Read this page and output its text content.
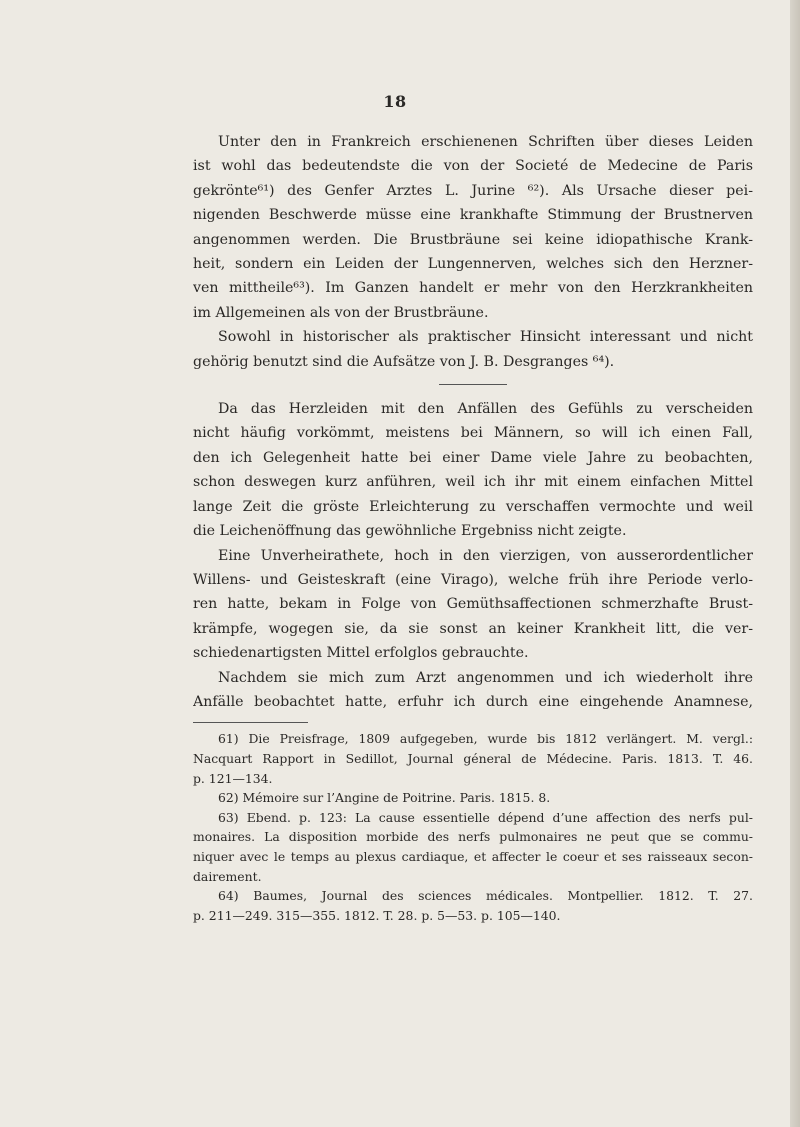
18
Unter den in Frankreich erschienenen Schriften über dieses Leiden
ist wohl das bedeutendste die von der Societé de Medecine de Paris
gekrönte⁶¹) des Genfer Arztes L. Jurine ⁶²). Als Ursache dieser pei-
nigenden Beschwerde müsse eine krankhafte Stimmung der Brustnerven
angenommen werden. Die Brustbräune sei keine idiopathische Krank-
heit, sondern ein Leiden der Lungennerven, welches sich den Herzner-
ven mittheile⁶³). Im Ganzen handelt er mehr von den Herzkrankheiten
im Allgemeinen als von der Brustbräune.
Sowohl in historischer als praktischer Hinsicht interessant und nicht
gehörig benutzt sind die Aufsätze von J. B. Desgranges ⁶⁴).
Da das Herzleiden mit den Anfällen des Gefühls zu verscheiden
nicht häufig vorkömmt, meistens bei Männern, so will ich einen Fall,
den ich Gelegenheit hatte bei einer Dame viele Jahre zu beobachten,
schon deswegen kurz anführen, weil ich ihr mit einem einfachen Mittel
lange Zeit die gröste Erleichterung zu verschaffen vermochte und weil
die Leichenöffnung das gewöhnliche Ergebniss nicht zeigte.
Eine Unverheirathete, hoch in den vierzigen, von ausserordentlicher
Willens- und Geisteskraft (eine Virago), welche früh ihre Periode verlo-
ren hatte, bekam in Folge von Gemüthsaffectionen schmerzhafte Brust-
krämpfe, wogegen sie, da sie sonst an keiner Krankheit litt, die ver-
schiedenartigsten Mittel erfolglos gebrauchte.
Nachdem sie mich zum Arzt angenommen und ich wiederholt ihre
Anfälle beobachtet hatte, erfuhr ich durch eine eingehende Anamnese,
61) Die Preisfrage, 1809 aufgegeben, wurde bis 1812 verlängert. M. vergl.:
Nacquart Rapport in Sedillot, Journal géneral de Médecine. Paris. 1813. T. 46.
p. 121—134.
62) Mémoire sur l’Angine de Poitrine. Paris. 1815. 8.
63) Ebend. p. 123: La cause essentielle dépend d’une affection des nerfs pul-
monaires. La disposition morbide des nerfs pulmonaires ne peut que se commu-
niquer avec le temps au plexus cardiaque, et affecter le coeur et ses raisseaux secon-
dairement.
64) Baumes, Journal des sciences médicales. Montpellier. 1812. T. 27.
p. 211—249. 315—355. 1812. T. 28. p. 5—53. p. 105—140.
